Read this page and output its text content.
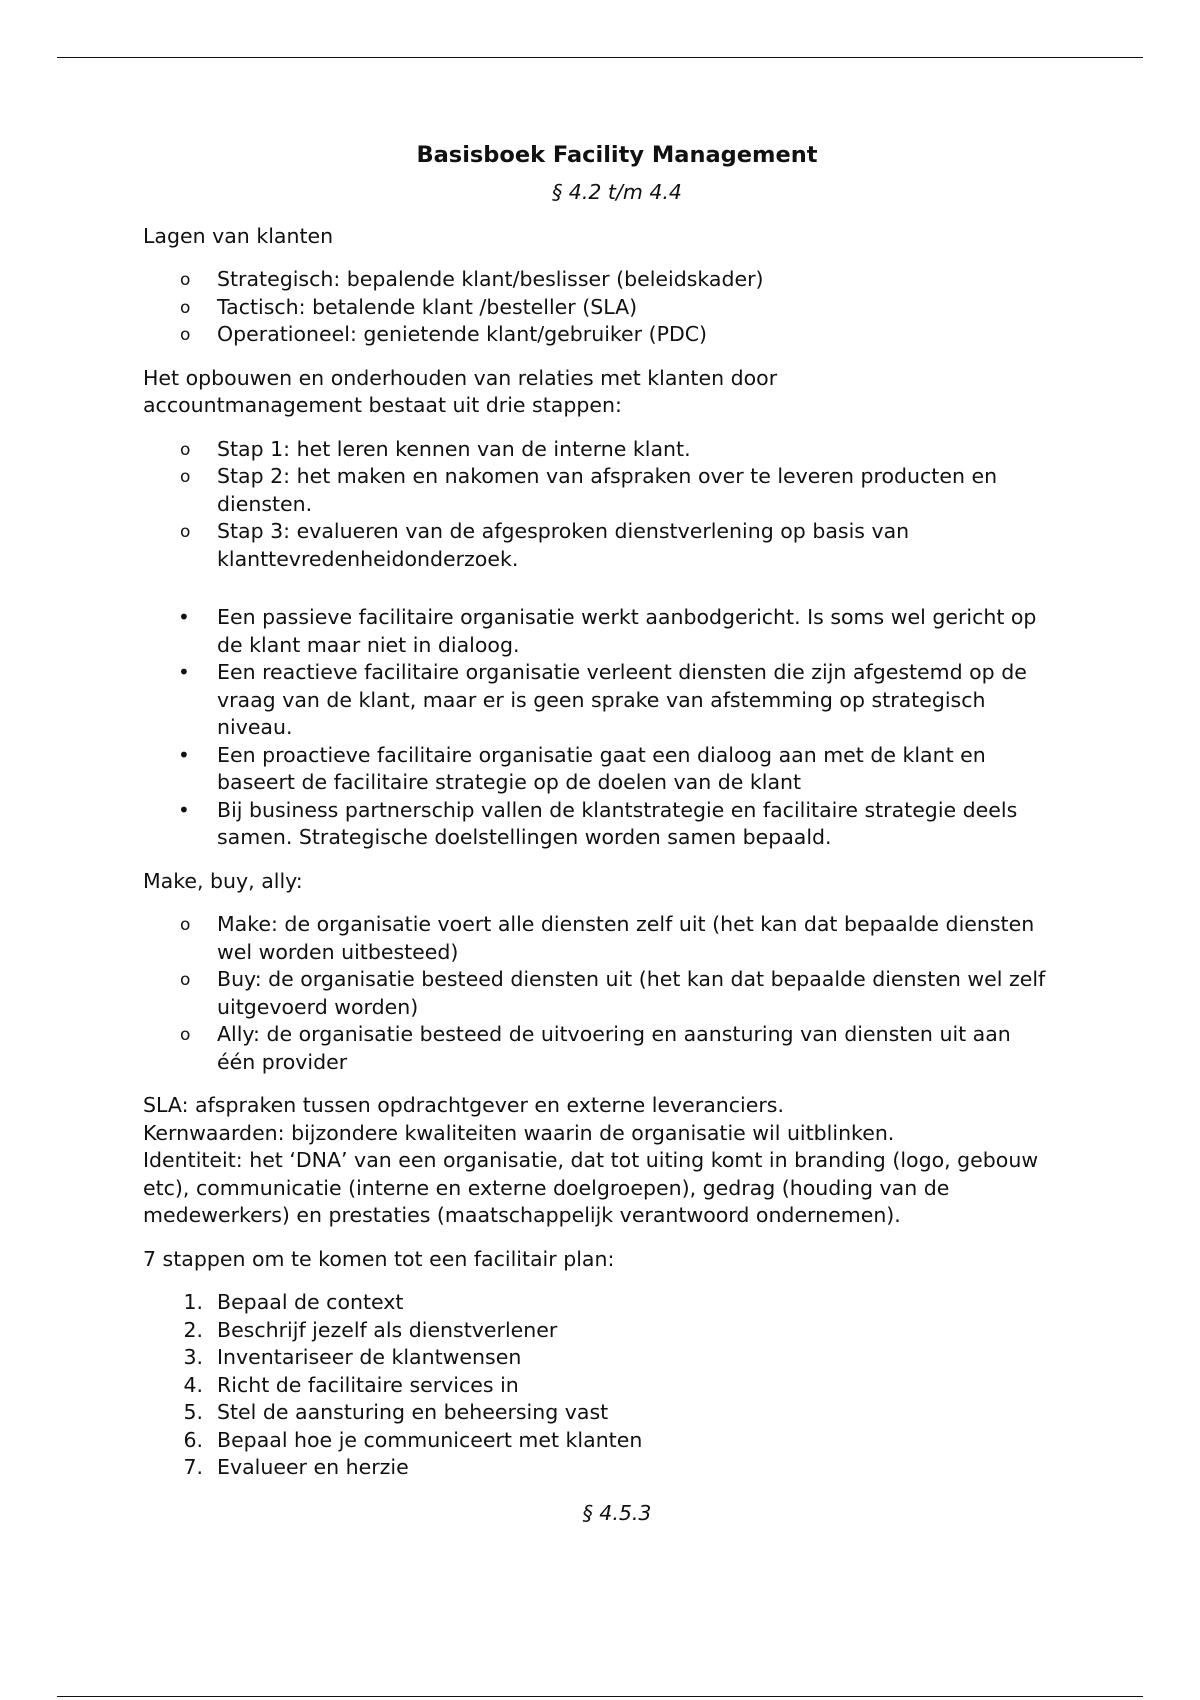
Basisboek Facility Management

§ 4.2 t/m 4.4

Lagen van klanten

o	Strategisch: bepalende klant/beslisser (beleidskader)
o	Tactisch: betalende klant /besteller (SLA)
o	Operationeel: genietende klant/gebruiker (PDC)

Het opbouwen en onderhouden van relaties met klanten door accountmanagement bestaat uit drie stappen:

o	Stap 1: het leren kennen van de interne klant.
o	Stap 2: het maken en nakomen van afspraken over te leveren producten en diensten.
o	Stap 3: evalueren van de afgesproken dienstverlening op basis van klanttevredenheidonderzoek.
•	Een passieve facilitaire organisatie werkt aanbodgericht. Is soms wel gericht op de klant maar niet in dialoog.
•	Een reactieve facilitaire organisatie verleent diensten die zijn afgestemd op de vraag van de klant, maar er is geen sprake van afstemming op strategisch niveau.
•	Een proactieve facilitaire organisatie gaat een dialoog aan met de klant en baseert de facilitaire strategie op de doelen van de klant
•	Bij business partnerschip vallen de klantstrategie en facilitaire strategie deels samen. Strategische doelstellingen worden samen bepaald.

Make, buy, ally:

o	Make: de organisatie voert alle diensten zelf uit (het kan dat bepaalde diensten wel worden uitbesteed)
o	Buy: de organisatie besteed diensten uit (het kan dat bepaalde diensten wel zelf uitgevoerd worden)
o	Ally: de organisatie besteed de uitvoering en aansturing van diensten uit aan één provider

SLA: afspraken tussen opdrachtgever en externe leveranciers.

Kernwaarden: bijzondere kwaliteiten waarin de organisatie wil uitblinken.

Identiteit: het ‘DNA’ van een organisatie, dat tot uiting komt in branding (logo, gebouw etc), communicatie (interne en externe doelgroepen), gedrag (houding van de medewerkers) en prestaties (maatschappelijk verantwoord ondernemen).

7 stappen om te komen tot een facilitair plan:

1. Bepaal de context
2. Beschrijf jezelf als dienstverlener
3. Inventariseer de klantwensen
4. Richt de facilitaire services in
5. Stel de aansturing en beheersing vast
6. Bepaal hoe je communiceert met klanten
7. Evalueer en herzie

§ 4.5.3
